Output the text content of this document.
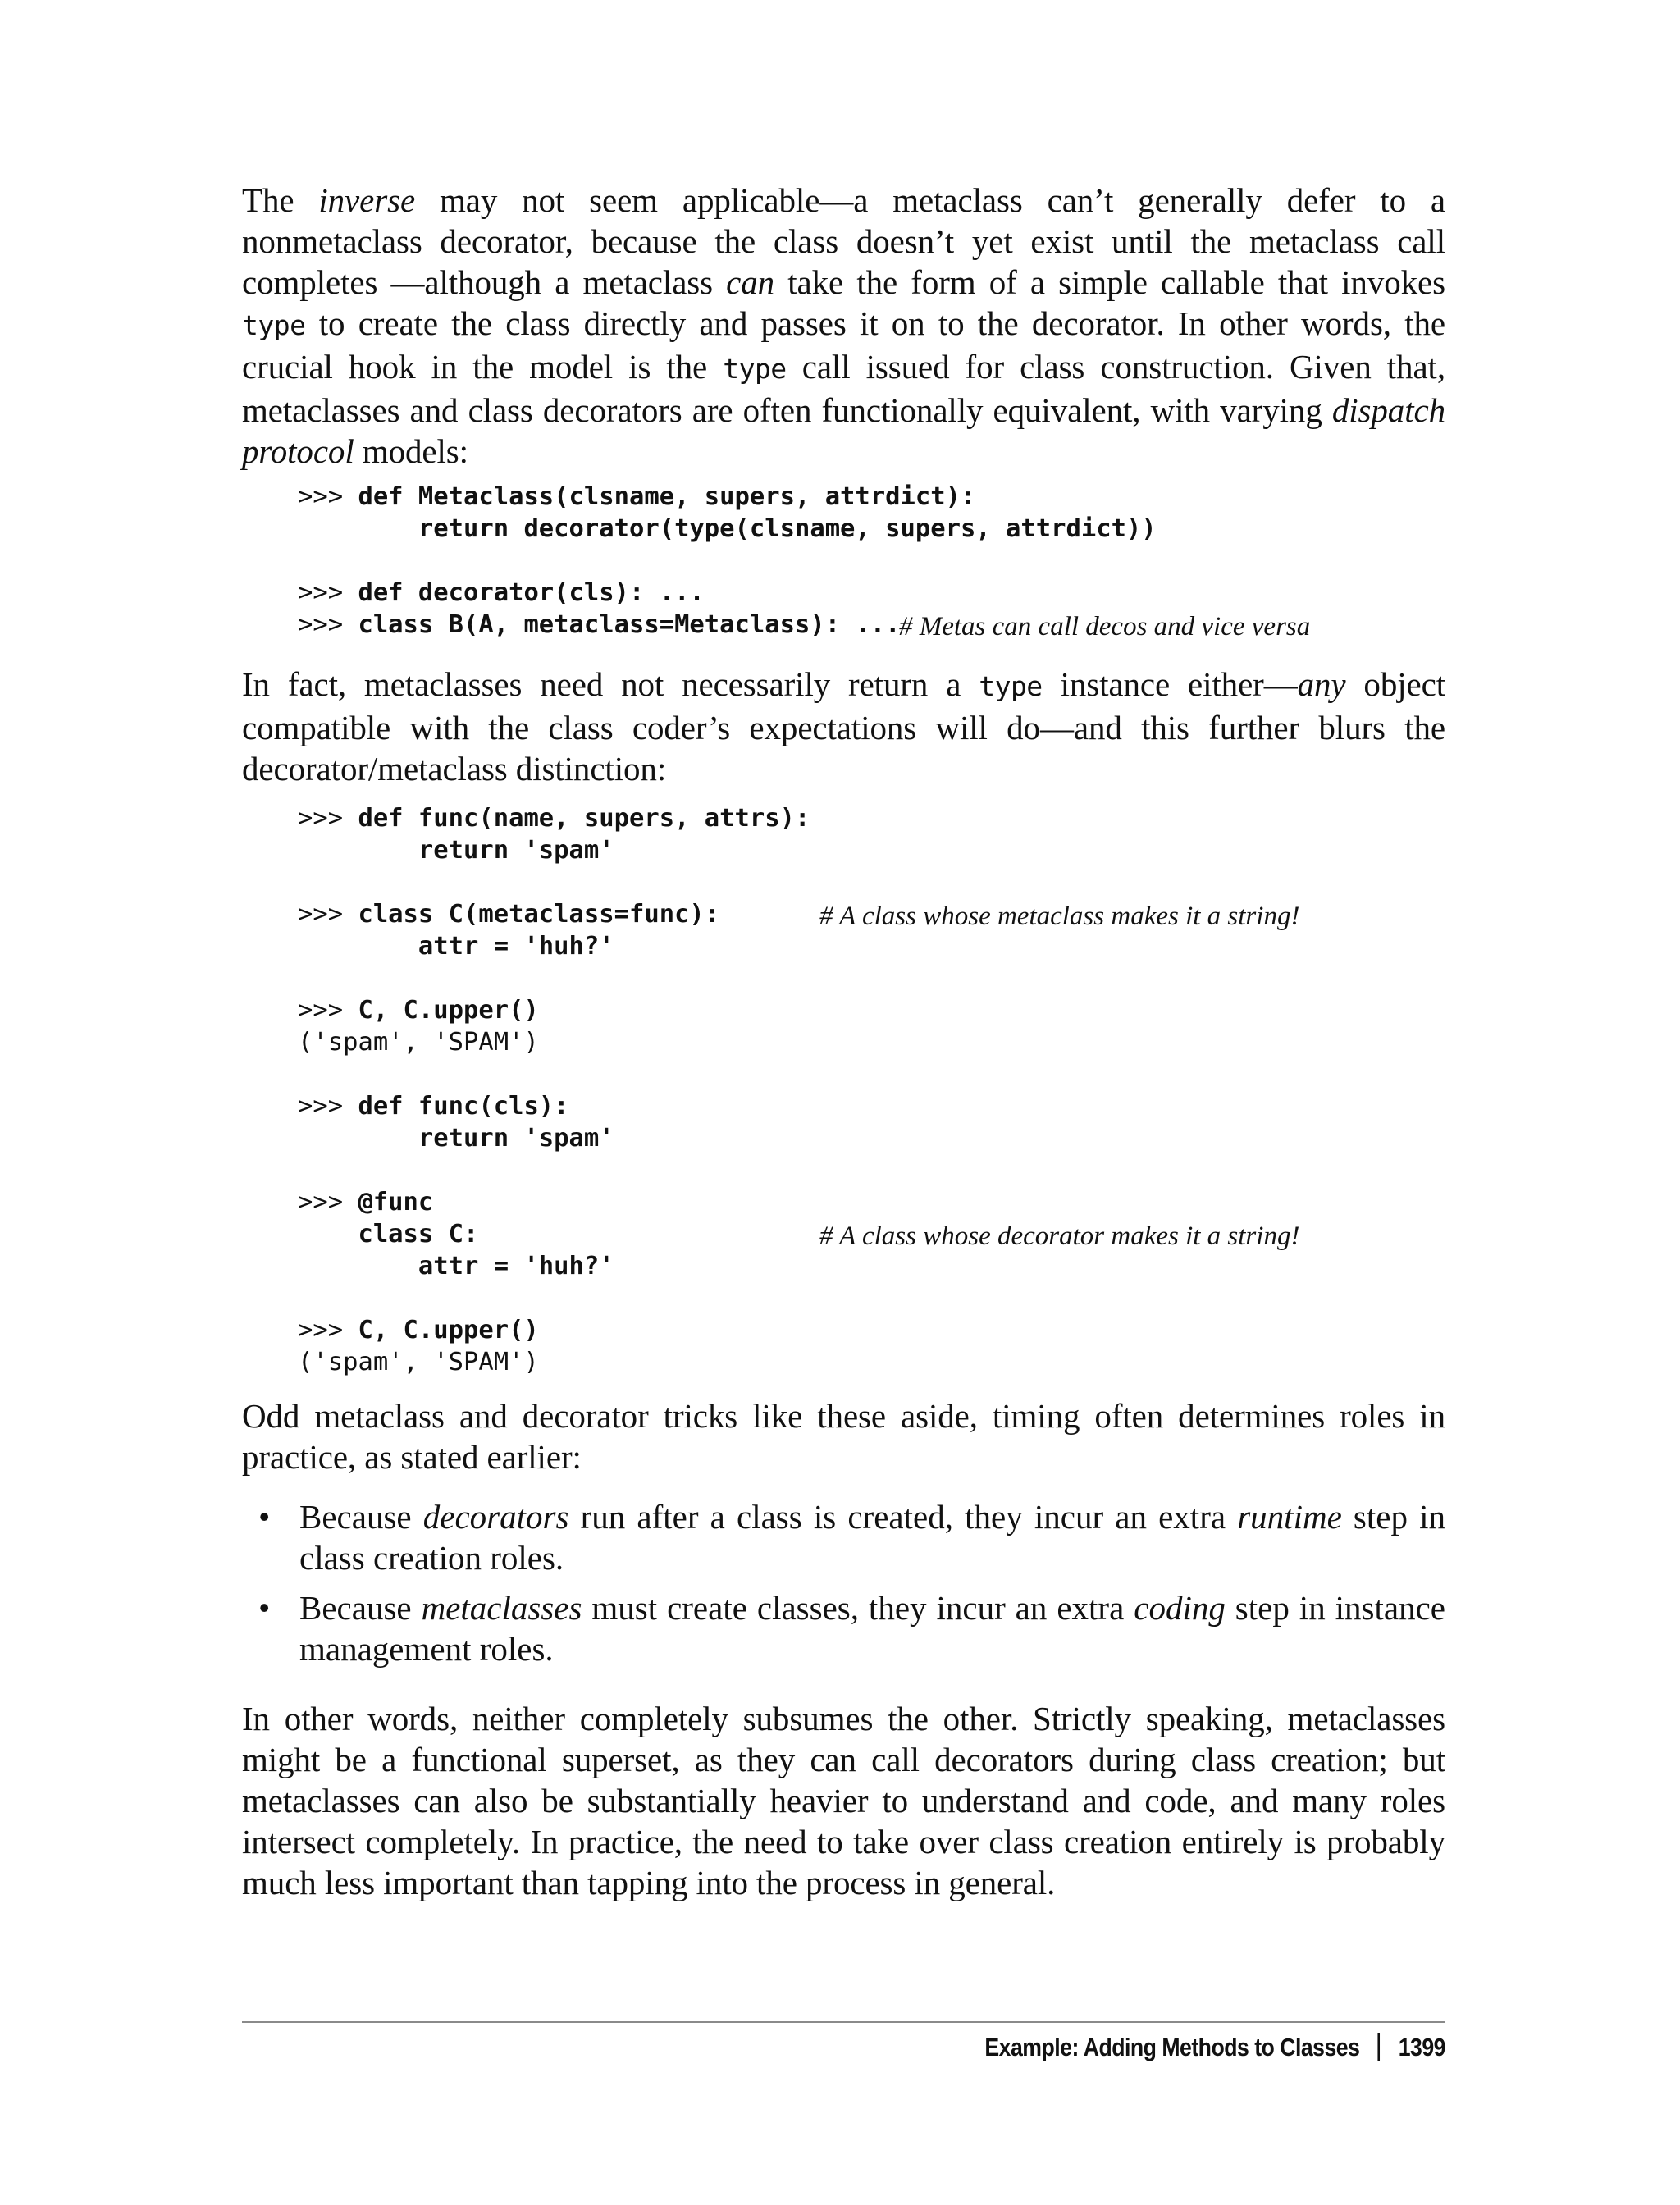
The inverse may not seem applicable—a metaclass can’t generally defer to a nonmetaclass decorator, because the class doesn’t yet exist until the metaclass call completes —although a metaclass can take the form of a simple callable that invokes type to create the class directly and passes it on to the decorator. In other words, the crucial hook in the model is the type call issued for class construction. Given that, metaclasses and class decorators are often functionally equivalent, with varying dispatch protocol models:

>>> def Metaclass(clsname, supers, attrdict):
return decorator(type(clsname, supers, attrdict))

>>> def decorator(cls): ...
>>> class B(A, metaclass=Metaclass): ...
# Metas can call decos and vice versa

In fact, metaclasses need not necessarily return a type instance either—any object compatible with the class coder’s expectations will do—and this further blurs the decorator/metaclass distinction:

>>> def func(name, supers, attrs):
return 'spam'

>>> class C(metaclass=func):	# A class whose metaclass makes it a string!

attr = 'huh?'

>>> C, C.upper()
('spam', 'SPAM')

>>> def func(cls):
return 'spam'

>>> @func
class C:	# A class whose decorator makes it a string!

attr = 'huh?'

>>> C, C.upper()
('spam', 'SPAM')

Odd metaclass and decorator tricks like these aside, timing often determines roles in practice, as stated earlier:

• Because decorators run after a class is created, they incur an extra runtime step in class creation roles.
• Because metaclasses must create classes, they incur an extra coding step in instance management roles.

In other words, neither completely subsumes the other. Strictly speaking, metaclasses might be a functional superset, as they can call decorators during class creation; but metaclasses can also be substantially heavier to understand and code, and many roles intersect completely. In practice, the need to take over class creation entirely is probably much less important than tapping into the process in general.

Example: Adding Methods to Classes 1399
